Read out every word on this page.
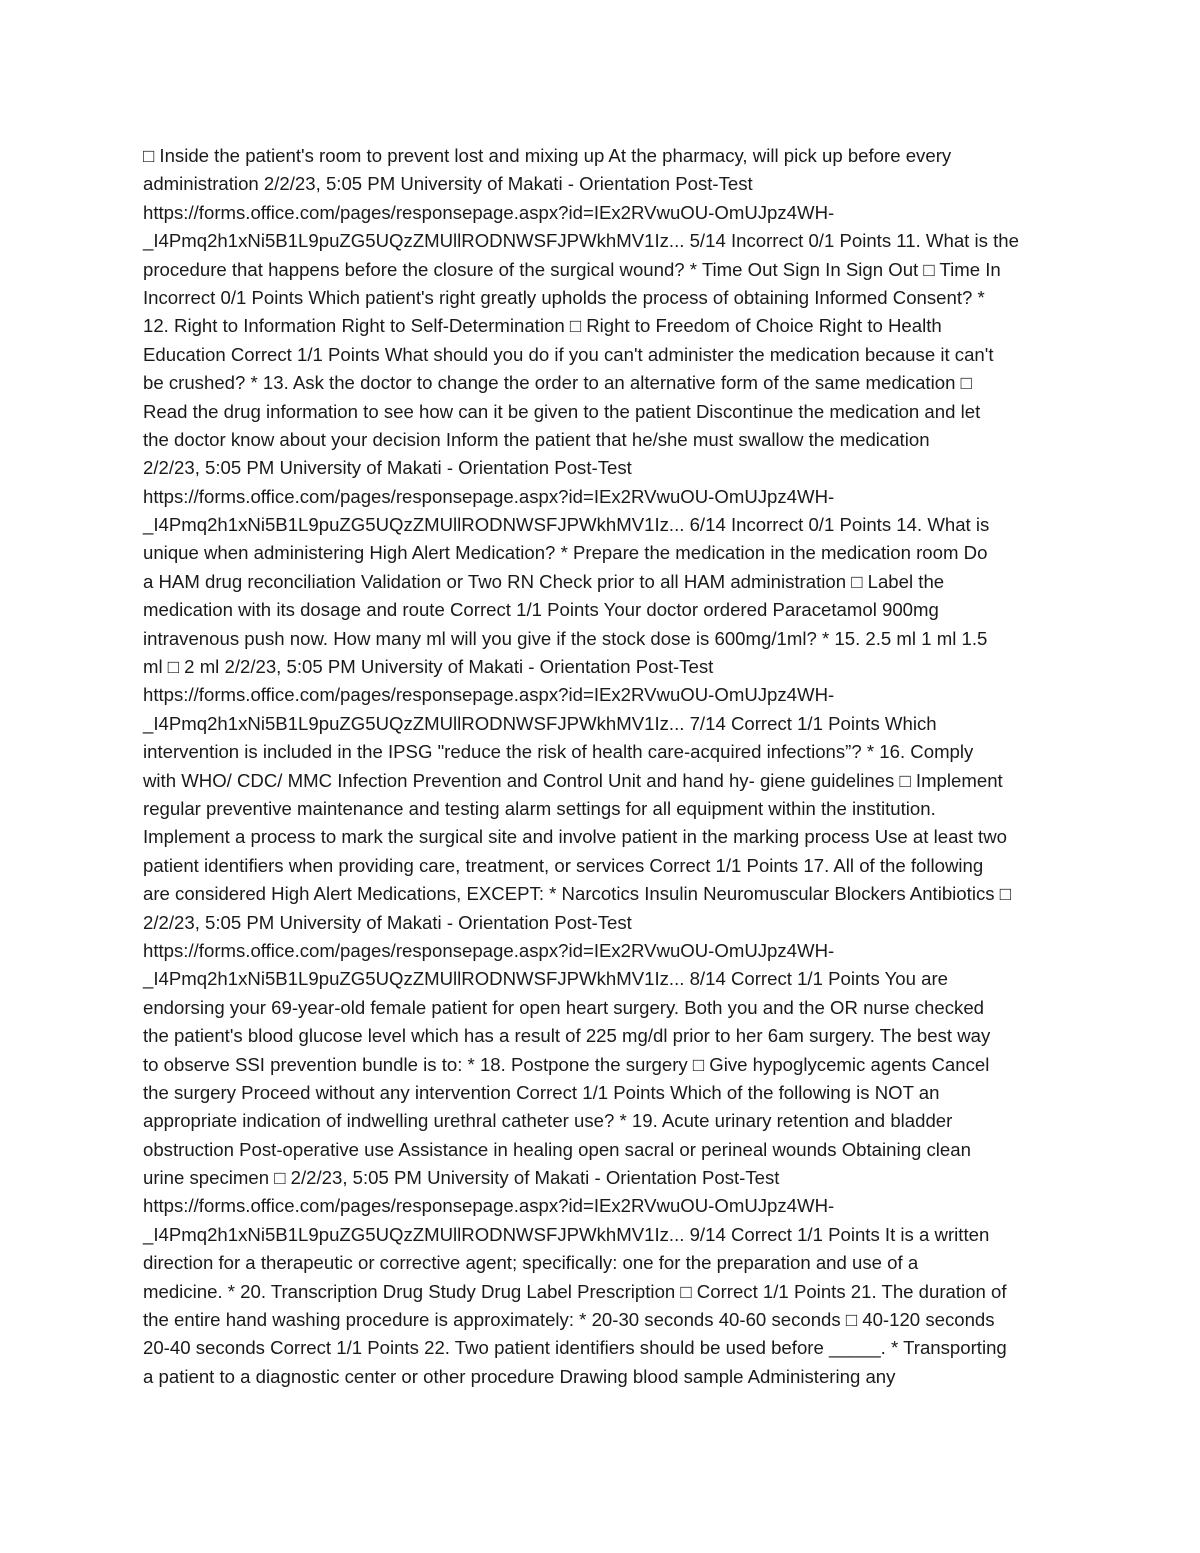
□ Inside the patient's room to prevent lost and mixing up At the pharmacy, will pick up before every
administration 2/2/23, 5:05 PM University of Makati - Orientation Post-Test
https://forms.office.com/pages/responsepage.aspx?id=IEx2RVwuOU-OmUJpz4WH-
_I4Pmq2h1xNi5B1L9puZG5UQzZMUllRODNWSFJPWkhMV1Iz... 5/14 Incorrect 0/1 Points 11. What is the
procedure that happens before the closure of the surgical wound? * Time Out Sign In Sign Out □ Time In
Incorrect 0/1 Points Which patient's right greatly upholds the process of obtaining Informed Consent? *
12. Right to Information Right to Self-Determination □ Right to Freedom of Choice Right to Health
Education Correct 1/1 Points What should you do if you can't administer the medication because it can't
be crushed? * 13. Ask the doctor to change the order to an alternative form of the same medication □
Read the drug information to see how can it be given to the patient Discontinue the medication and let
the doctor know about your decision Inform the patient that he/she must swallow the medication
2/2/23, 5:05 PM University of Makati - Orientation Post-Test
https://forms.office.com/pages/responsepage.aspx?id=IEx2RVwuOU-OmUJpz4WH-
_I4Pmq2h1xNi5B1L9puZG5UQzZMUllRODNWSFJPWkhMV1Iz... 6/14 Incorrect 0/1 Points 14. What is
unique when administering High Alert Medication? * Prepare the medication in the medication room Do
a HAM drug reconciliation Validation or Two RN Check prior to all HAM administration □ Label the
medication with its dosage and route Correct 1/1 Points Your doctor ordered Paracetamol 900mg
intravenous push now. How many ml will you give if the stock dose is 600mg/1ml? * 15. 2.5 ml 1 ml 1.5
ml □ 2 ml 2/2/23, 5:05 PM University of Makati - Orientation Post-Test
https://forms.office.com/pages/responsepage.aspx?id=IEx2RVwuOU-OmUJpz4WH-
_I4Pmq2h1xNi5B1L9puZG5UQzZMUllRODNWSFJPWkhMV1Iz... 7/14 Correct 1/1 Points Which
intervention is included in the IPSG "reduce the risk of health care-acquired infections”? * 16. Comply
with WHO/ CDC/ MMC Infection Prevention and Control Unit and hand hy- giene guidelines □ Implement
regular preventive maintenance and testing alarm settings for all equipment within the institution.
Implement a process to mark the surgical site and involve patient in the marking process Use at least two
patient identifiers when providing care, treatment, or services Correct 1/1 Points 17. All of the following
are considered High Alert Medications, EXCEPT: * Narcotics Insulin Neuromuscular Blockers Antibiotics □
2/2/23, 5:05 PM University of Makati - Orientation Post-Test
https://forms.office.com/pages/responsepage.aspx?id=IEx2RVwuOU-OmUJpz4WH-
_I4Pmq2h1xNi5B1L9puZG5UQzZMUllRODNWSFJPWkhMV1Iz... 8/14 Correct 1/1 Points You are
endorsing your 69-year-old female patient for open heart surgery. Both you and the OR nurse checked
the patient's blood glucose level which has a result of 225 mg/dl prior to her 6am surgery. The best way
to observe SSI prevention bundle is to: * 18. Postpone the surgery □ Give hypoglycemic agents Cancel
the surgery Proceed without any intervention Correct 1/1 Points Which of the following is NOT an
appropriate indication of indwelling urethral catheter use? * 19. Acute urinary retention and bladder
obstruction Post-operative use Assistance in healing open sacral or perineal wounds Obtaining clean
urine specimen □ 2/2/23, 5:05 PM University of Makati - Orientation Post-Test
https://forms.office.com/pages/responsepage.aspx?id=IEx2RVwuOU-OmUJpz4WH-
_I4Pmq2h1xNi5B1L9puZG5UQzZMUllRODNWSFJPWkhMV1Iz... 9/14 Correct 1/1 Points It is a written
direction for a therapeutic or corrective agent; specifically: one for the preparation and use of a
medicine. * 20. Transcription Drug Study Drug Label Prescription □ Correct 1/1 Points 21. The duration of
the entire hand washing procedure is approximately: * 20-30 seconds 40-60 seconds □ 40-120 seconds
20-40 seconds Correct 1/1 Points 22. Two patient identifiers should be used before _____. * Transporting
a patient to a diagnostic center or other procedure Drawing blood sample Administering any
